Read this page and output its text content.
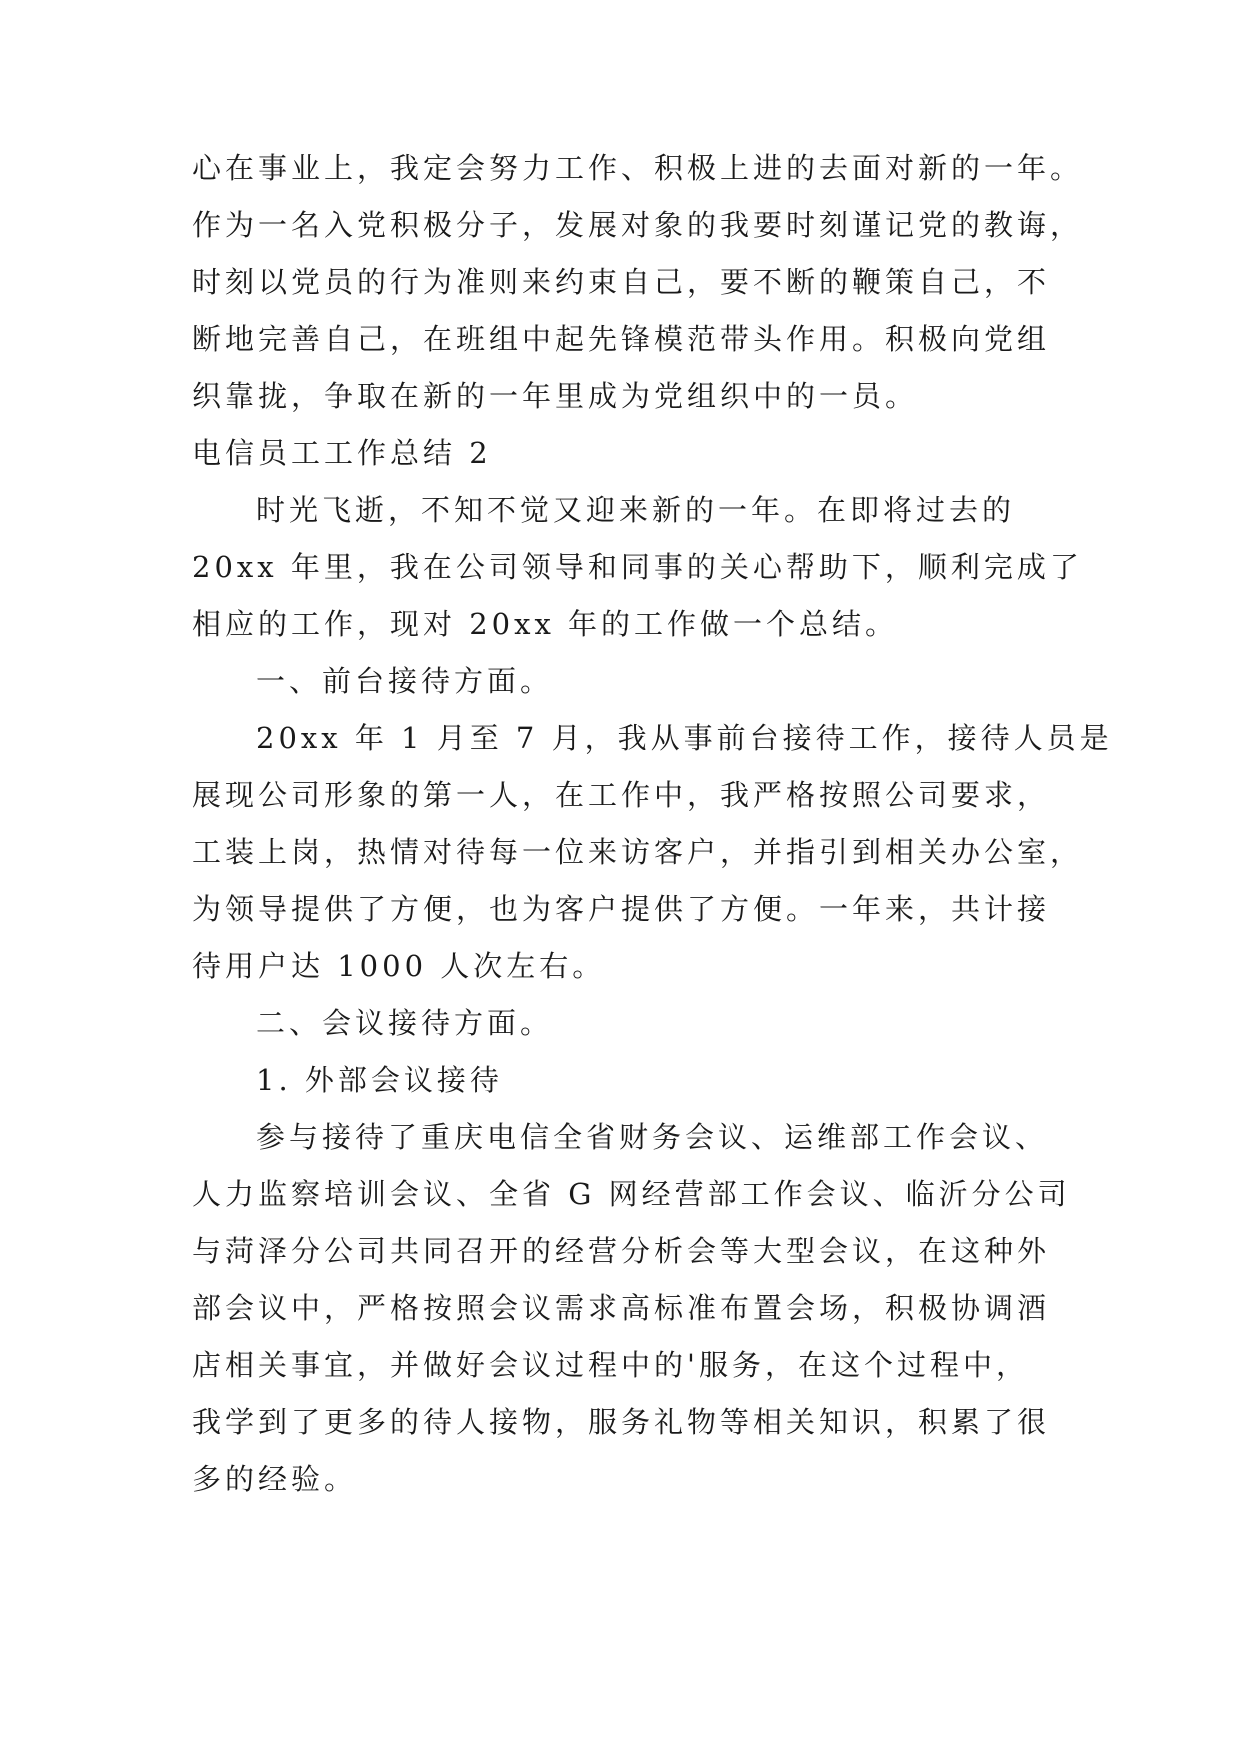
心在事业上，我定会努力工作、积极上进的去面对新的一年。
作为一名入党积极分子，发展对象的我要时刻谨记党的教诲，
时刻以党员的行为准则来约束自己，要不断的鞭策自己，不
断地完善自己，在班组中起先锋模范带头作用。积极向党组
织靠拢，争取在新的一年里成为党组织中的一员。
电信员工工作总结 2
时光飞逝，不知不觉又迎来新的一年。在即将过去的
20xx 年里，我在公司领导和同事的关心帮助下，顺利完成了
相应的工作，现对 20xx 年的工作做一个总结。
一、前台接待方面。
20xx 年 1 月至 7 月，我从事前台接待工作，接待人员是
展现公司形象的第一人，在工作中，我严格按照公司要求，
工装上岗，热情对待每一位来访客户，并指引到相关办公室，
为领导提供了方便，也为客户提供了方便。一年来，共计接
待用户达 1000 人次左右。
二、会议接待方面。
1. 外部会议接待
参与接待了重庆电信全省财务会议、运维部工作会议、
人力监察培训会议、全省 G 网经营部工作会议、临沂分公司
与菏泽分公司共同召开的经营分析会等大型会议，在这种外
部会议中，严格按照会议需求高标准布置会场，积极协调酒
店相关事宜，并做好会议过程中的'服务，在这个过程中，
我学到了更多的待人接物，服务礼物等相关知识，积累了很
多的经验。
